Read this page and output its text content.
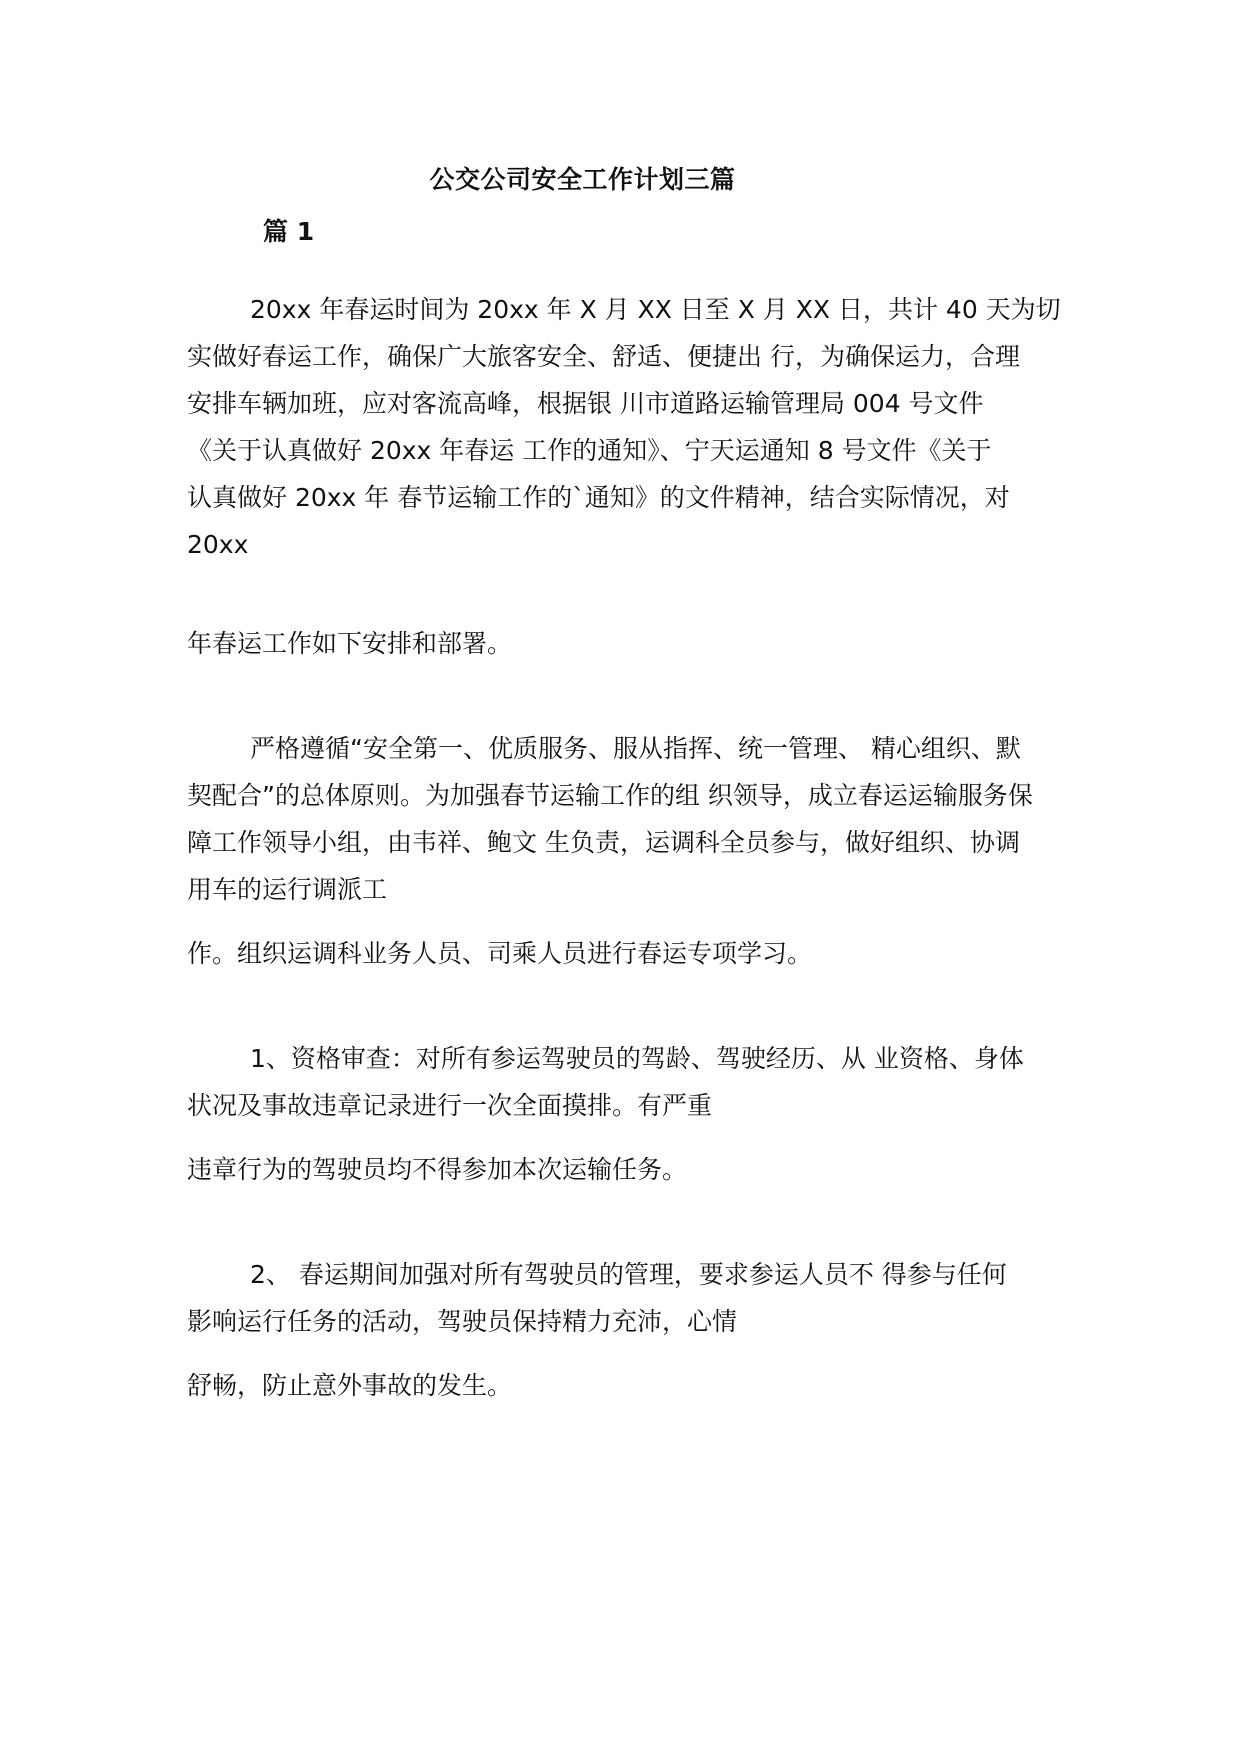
公交公司安全工作计划三篇
篇 1
20xx 年春运时间为 20xx 年 X 月 XX 日至 X 月 XX 日，共计 40 天为切
实做好春运工作，确保广大旅客安全、舒适、便捷出 行，为确保运力，合理
安排车辆加班，应对客流高峰，根据银 川市道路运输管理局 004 号文件
《关于认真做好 20xx 年春运 工作的通知》、宁天运通知 8 号文件《关于
认真做好 20xx 年 春节运输工作的`通知》的文件精神，结合实际情况，对
20xx
年春运工作如下安排和部署。
严格遵循“安全第一、优质服务、服从指挥、统一管理、 精心组织、默
契配合”的总体原则。为加强春节运输工作的组 织领导，成立春运运输服务保
障工作领导小组，由韦祥、鲍文 生负责，运调科全员参与，做好组织、协调
用车的运行调派工
作。组织运调科业务人员、司乘人员进行春运专项学习。
1、资格审查：对所有参运驾驶员的驾龄、驾驶经历、从 业资格、身体
状况及事故违章记录进行一次全面摸排。有严重
违章行为的驾驶员均不得参加本次运输任务。
2、 春运期间加强对所有驾驶员的管理，要求参运人员不 得参与任何
影响运行任务的活动，驾驶员保持精力充沛，心情
舒畅，防止意外事故的发生。
